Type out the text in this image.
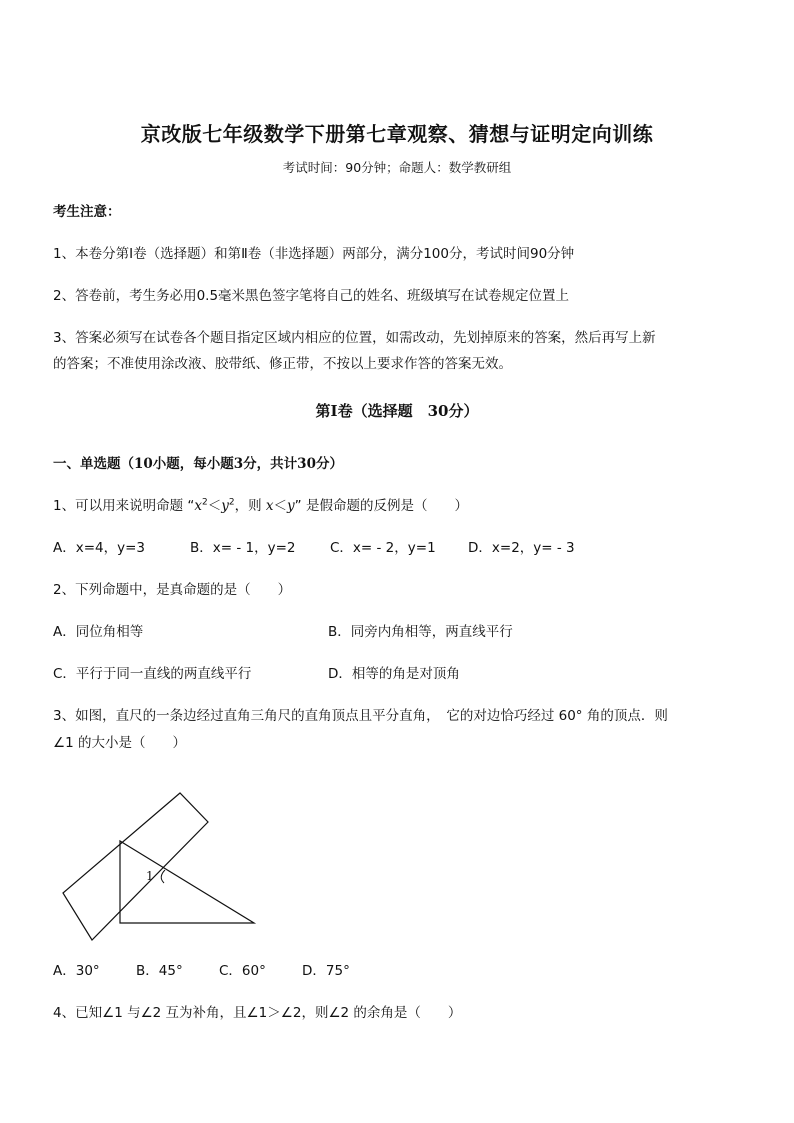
京改版七年级数学下册第七章观察、猜想与证明定向训练
考试时间：90分钟；命题人：数学教研组
考生注意：
1、本卷分第Ⅰ卷（选择题）和第Ⅱ卷（非选择题）两部分，满分100分，考试时间90分钟
2、答卷前，考生务必用0.5毫米黑色签字笔将自己的姓名、班级填写在试卷规定位置上
3、答案必须写在试卷各个题目指定区域内相应的位置，如需改动，先划掉原来的答案，然后再写上新
的答案；不准使用涂改液、胶带纸、修正带，不按以上要求作答的答案无效。
第Ⅰ卷（选择题　30分）
一、单选题（10小题，每小题3分，共计30分）
1、可以用来说明命题 “$x^2<y^2$，则 x＜y” 是假命题的反例是（　　）
A．x=4，y=3	B．x= - 1，y=2	C．x= - 2，y=1 D．x=2，y= - 3
2、下列命题中，是真命题的是（　　）
A．同位角相等	B．同旁内角相等，两直线平行
C．平行于同一直线的两直线平行	D．相等的角是对顶角
3、如图，直尺的一条边经过直角三角尺的直角顶点且平分直角，　它的对边恰巧经过 60° 角的顶点．则
∠1 的大小是（　　）
1
A．30°	B．45°	C．60°	D．75°
4、已知∠1 与∠2 互为补角，且∠1＞∠2，则∠2 的余角是（　　）
